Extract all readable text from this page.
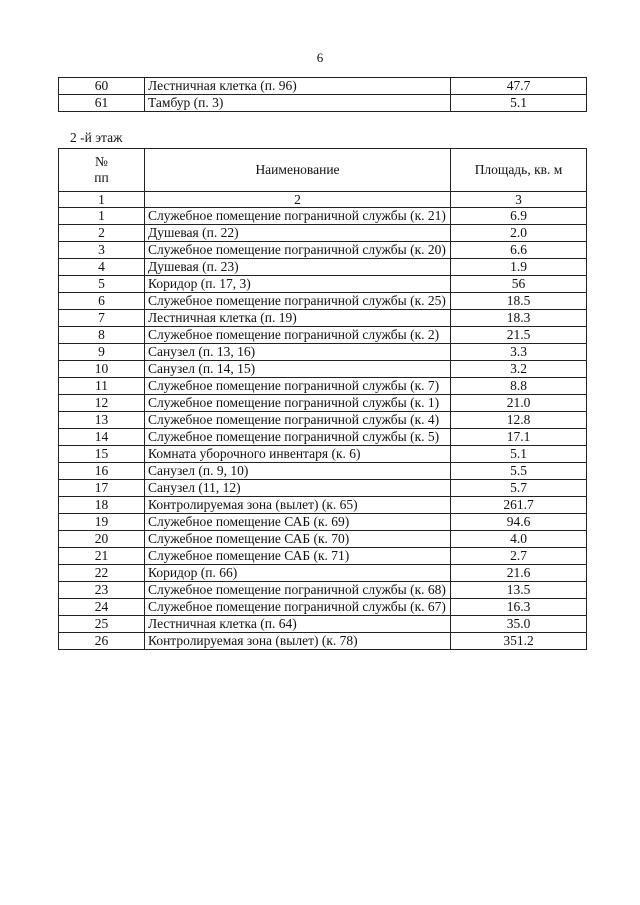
6
60	Лестничная клетка (п. 96)	47.7
61	Тамбур (п. 3)	5.1
2 -й этаж
№
пп	Наименование	Площадь, кв. м
1	2	3
1	Служебное помещение пограничной службы (к. 21)	6.9
2	Душевая (п. 22)	2.0
3	Служебное помещение пограничной службы (к. 20)	6.6
4	Душевая (п. 23)	1.9
5	Коридор (п. 17, 3)	56
6	Служебное помещение пограничной службы (к. 25)	18.5
7	Лестничная клетка (п. 19)	18.3
8	Служебное помещение пограничной службы (к. 2)	21.5
9	Санузел (п. 13, 16)	3.3
10	Санузел (п. 14, 15)	3.2
11	Служебное помещение пограничной службы (к. 7)	8.8
12	Служебное помещение пограничной службы (к. 1)	21.0
13	Служебное помещение пограничной службы (к. 4)	12.8
14	Служебное помещение пограничной службы (к. 5)	17.1
15	Комната уборочного инвентаря (к. 6)	5.1
16	Санузел (п. 9, 10)	5.5
17	Санузел (11, 12)	5.7
18	Контролируемая зона (вылет) (к. 65)	261.7
19	Служебное помещение САБ (к. 69)	94.6
20	Служебное помещение САБ (к. 70)	4.0
21	Служебное помещение САБ (к. 71)	2.7
22	Коридор (п. 66)	21.6
23	Служебное помещение пограничной службы (к. 68)	13.5
24	Служебное помещение пограничной службы (к. 67)	16.3
25	Лестничная клетка (п. 64)	35.0
26	Контролируемая зона (вылет) (к. 78)	351.2
